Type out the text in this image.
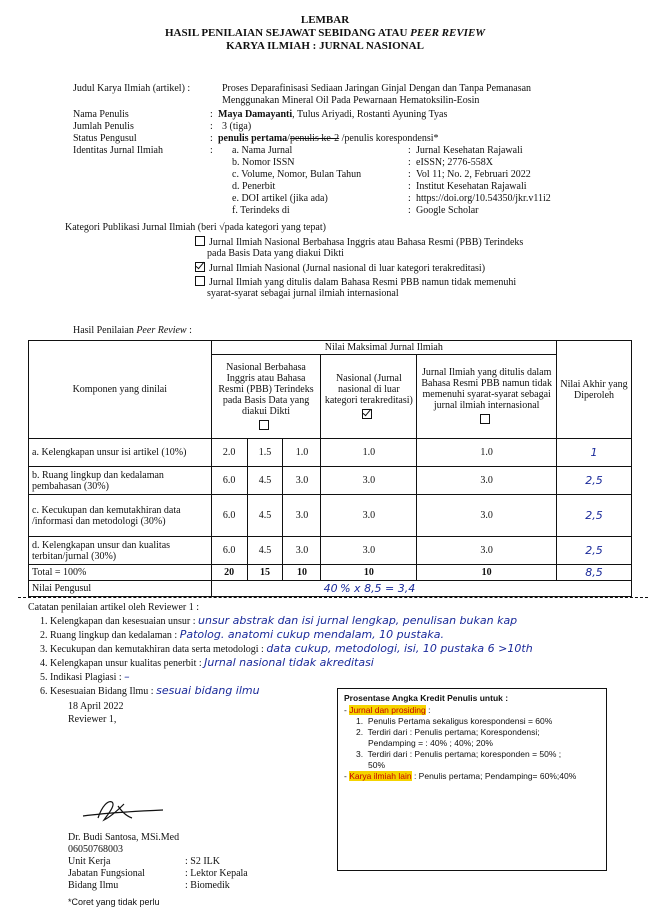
LEMBAR
HASIL PENILAIAN SEJAWAT SEBIDANG ATAU PEER REVIEW
KARYA ILMIAH : JURNAL NASIONAL
Judul Karya Ilmiah (artikel) :	Proses Deparafinisasi Sediaan Jaringan Ginjal Dengan dan Tanpa Pemanasan
Menggunakan Mineral Oil Pada Pewarnaan Hematoksilin-Eosin
Nama Penulis	: Maya Damayanti, Tulus Ariyadi, Rostanti Ayuning Tyas
Jumlah Penulis	: 3 (tiga)
Status Pengusul	: penulis pertama/penulis ke-2 /penulis korespondensi*
Identitas Jurnal Ilmiah	: a. Nama Jurnal	: Jurnal Kesehatan Rajawali
b. Nomor ISSN	: eISSN; 2776-558X
c. Volume, Nomor, Bulan Tahun	: Vol 11; No. 2, Februari 2022
d. Penerbit	: Institut Kesehatan Rajawali
e. DOI artikel (jika ada)	: https://doi.org/10.54350/jkr.v11i2
f. Terindeks di	: Google Scholar
Kategori Publikasi Jurnal Ilmiah (beri √pada kategori yang tepat)
Jurnal Ilmiah Nasional Berbahasa Inggris atau Bahasa Resmi (PBB) Terindeks
pada Basis Data yang diakui Dikti
Jurnal Ilmiah Nasional (Jurnal nasional di luar kategori terakreditasi)
Jurnal Ilmiah yang ditulis dalam Bahasa Resmi PBB namun tidak memenuhi
syarat-syarat sebagai jurnal ilmiah internasional
Hasil Penilaian Peer Review :
Komponen yang dinilai	Nilai Maksimal Jurnal Ilmiah					Nilai Akhir yang Diperoleh

	Nasional Berbahasa Inggris atau Bahasa Resmi (PBB) Terindeks pada Basis Data yang diakui Dikti			Nasional (Jurnal nasional di luar kategori terakreditasi)	Jurnal Ilmiah yang ditulis dalam Bahasa Resmi PBB namun tidak memenuhi syarat-syarat sebagai jurnal ilmiah internasional	

a. Kelengkapan unsur isi artikel (10%)	2.0	1.5	1.0	1.0	1.0	1
b. Ruang lingkup dan kedalaman pembahasan (30%)	6.0	4.5	3.0	3.0	3.0	2,5
c. Kecukupan dan kemutakhiran data /informasi dan metodologi (30%)	6.0	4.5	3.0	3.0	3.0	2,5
d. Kelengkapan unsur dan kualitas terbitan/jurnal (30%)	6.0	4.5	3.0	3.0	3.0	2,5
Total = 100%	20	15	10	10	10	8,5
Nilai Pengusul	40 % x 8,5 = 3,4					
Catatan penilaian artikel oleh Reviewer 1 :
1. Kelengkapan dan kesesuaian unsur : unsur abstrak dan isi jurnal lengkap, penulisan bukan kap
2. Ruang lingkup dan kedalaman : Patolog. anatomi cukup mendalam, 10 pustaka.
3. Kecukupan dan kemutakhiran data serta metodologi : data cukup, metodologi, isi, 10 pustaka 6 >10th
4. Kelengkapan unsur kualitas penerbit : Jurnal nasional tidak akreditasi
5. Indikasi Plagiasi : –
6. Kesesuaian Bidang Ilmu : sesuai bidang ilmu
18 April 2022
Reviewer 1,
Dr. Budi Santosa, MSi.Med
06050768003
Unit Kerja	: S2 ILK
Jabatan Fungsional	: Lektor Kepala
Bidang Ilmu	: Biomedik
*Coret yang tidak perlu
Prosentase Angka Kredit Penulis untuk :
- Jurnal dan prosiding :
1.  Penulis Pertama sekaligus korespondensi = 60%
2.  Terdiri dari : Penulis pertama; Korespondensi;
Pendamping = : 40% ; 40%; 20%
3.  Terdiri dari : Penulis pertama; koresponden = 50% ;
50%
- Karya ilmiah lain : Penulis pertama; Pendamping= 60%;40%
